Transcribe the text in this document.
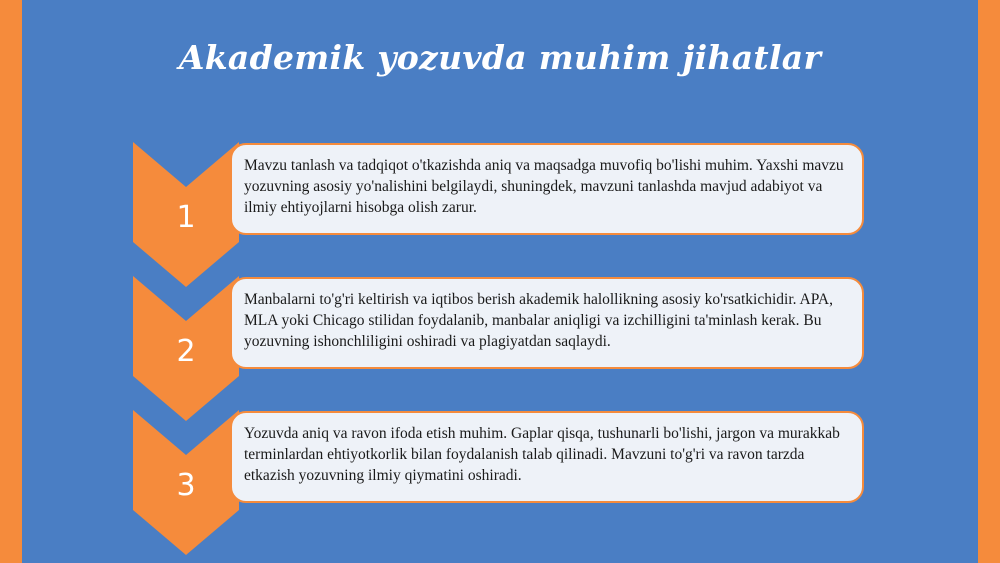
Akademik yozuvda muhim jihatlar
1
Mavzu tanlash va tadqiqot o'tkazishda aniq va maqsadga muvofiq bo'lishi muhim. Yaxshi mavzu yozuvning asosiy yo'nalishini belgilaydi, shuningdek, mavzuni tanlashda mavjud adabiyot va ilmiy ehtiyojlarni hisobga olish zarur.
2
Manbalarni to'g'ri keltirish va iqtibos berish akademik halollikning asosiy ko'rsatkichidir. APA, MLA yoki Chicago stilidan foydalanib, manbalar aniqligi va izchilligini ta'minlash kerak. Bu yozuvning ishonchliligini oshiradi va plagiyatdan saqlaydi.
3
Yozuvda aniq va ravon ifoda etish muhim. Gaplar qisqa, tushunarli bo'lishi, jargon va murakkab terminlardan ehtiyotkorlik bilan foydalanish talab qilinadi. Mavzuni to'g'ri va ravon tarzda etkazish yozuvning ilmiy qiymatini oshiradi.
